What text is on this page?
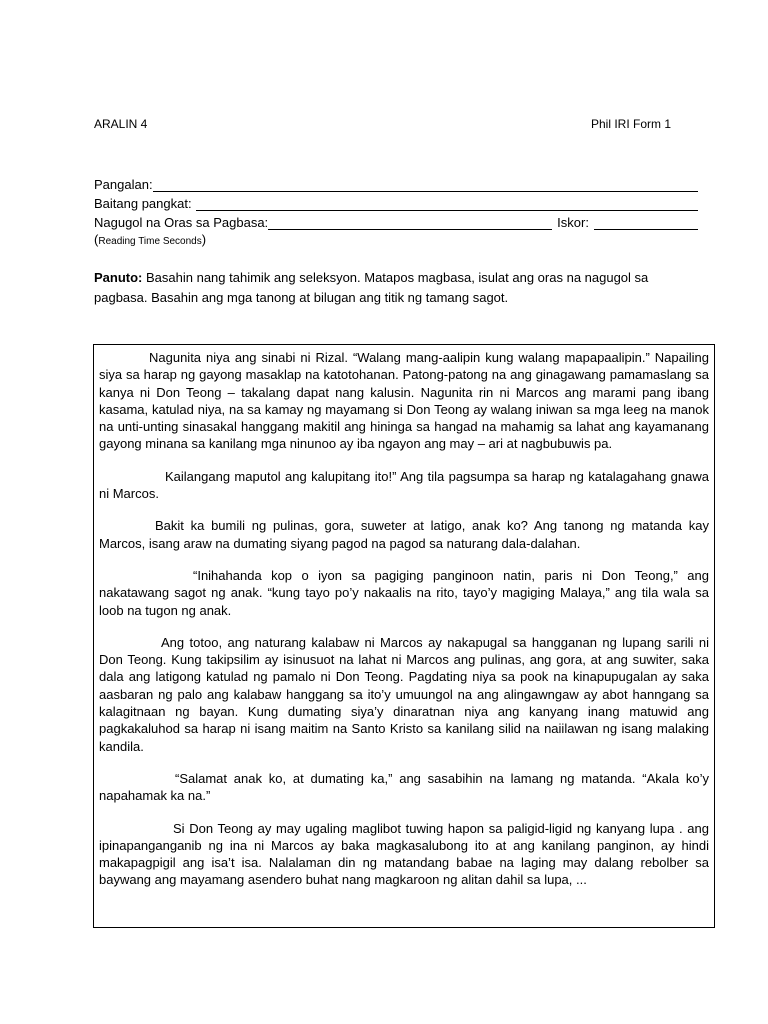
ARALIN 4	Phil IRI Form 1
Pangalan:
Baitang pangkat:
Nagugol na Oras sa Pagbasa:	Iskor:
(Reading Time Seconds)
Panuto: Basahin nang tahimik ang seleksyon. Matapos magbasa, isulat ang oras na nagugol sa pagbasa. Basahin ang mga tanong at bilugan ang titik ng tamang sagot.

Nagunita niya ang sinabi ni Rizal. “Walang mang-aalipin kung walang mapapaalipin.” Napailing siya sa harap ng gayong masaklap na katotohanan. Patong-patong na ang ginagawang pamamaslang sa kanya ni Don Teong – takalang dapat nang kalusin. Nagunita rin ni Marcos ang marami pang ibang kasama, katulad niya, na sa kamay ng mayamang si Don Teong ay walang iniwan sa mga leeg na manok na unti-unting sinasakal hanggang makitil ang hininga sa hangad na mahamig sa lahat ang kayamanang gayong minana sa kanilang mga ninunoo ay iba ngayon ang may – ari at nagbubuwis pa.

Kailangang maputol ang kalupitang ito!” Ang tila pagsumpa sa harap ng katalagahang gnawa ni Marcos.

Bakit ka bumili ng pulinas, gora, suweter at latigo, anak ko? Ang tanong ng matanda kay Marcos, isang araw na dumating siyang pagod na pagod sa naturang dala-dalahan.

“Inihahanda kop o iyon sa pagiging panginoon natin, paris ni Don Teong,” ang nakatawang sagot ng anak. “kung tayo po’y nakaalis na rito, tayo’y magiging Malaya,” ang tila wala sa loob na tugon ng anak.

Ang totoo, ang naturang kalabaw ni Marcos ay nakapugal sa hangganan ng lupang sarili ni Don Teong. Kung takipsilim ay isinusuot na lahat ni Marcos ang pulinas, ang gora, at ang suwiter, saka dala ang latigong katulad ng pamalo ni Don Teong. Pagdating niya sa pook na kinapupugalan ay saka aasbaran ng palo ang kalabaw hanggang sa ito’y umuungol na ang alingawngaw ay abot hanngang sa kalagitnaan ng bayan. Kung dumating siya’y dinaratnan niya ang kanyang inang matuwid ang pagkakaluhod sa harap ni isang maitim na Santo Kristo sa kanilang silid na naiilawan ng isang malaking kandila.

“Salamat anak ko, at dumating ka,” ang sasabihin na lamang ng matanda. “Akala ko’y napahamak ka na.”

Si Don Teong ay may ugaling maglibot tuwing hapon sa paligid-ligid ng kanyang lupa . ang ipinapanganganib ng ina ni Marcos ay baka magkasalubong ito at ang kanilang panginon, ay hindi makapagpigil ang isa’t isa. Nalalaman din ng matandang babae na laging may dalang rebolber sa baywang ang mayamang asendero buhat nang magkaroon ng alitan dahil sa lupa, ...
